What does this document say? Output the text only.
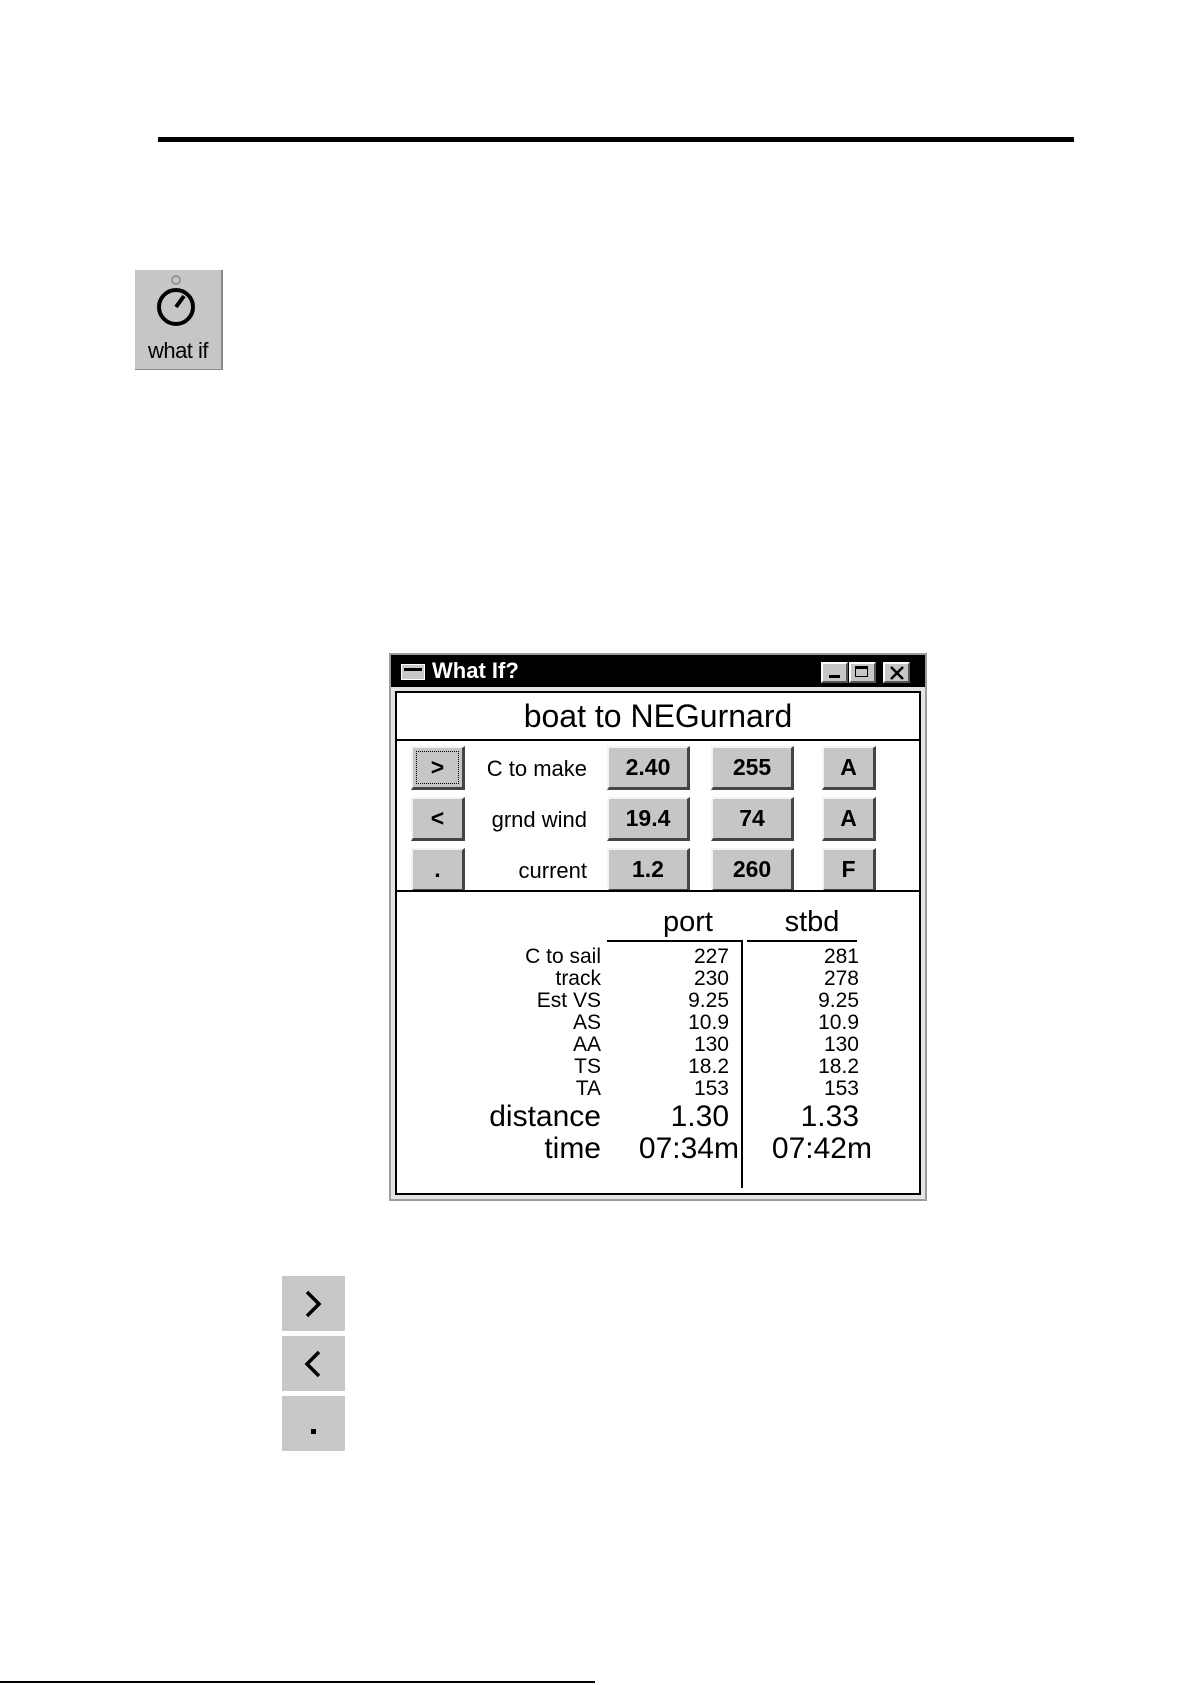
what if
What If?
boat to NEGurnard
>	C to make	2.40	255	A
<	grnd wind	19.4	74	A
.	current	1.2	260	F
port	stbd
C to sail	227	281
track	230	278
Est VS	9.25	9.25
AS	10.9	10.9
AA	130	130
TS	18.2	18.2
TA	153	153
distance	1.30	1.33
time	07:34m	07:42m
